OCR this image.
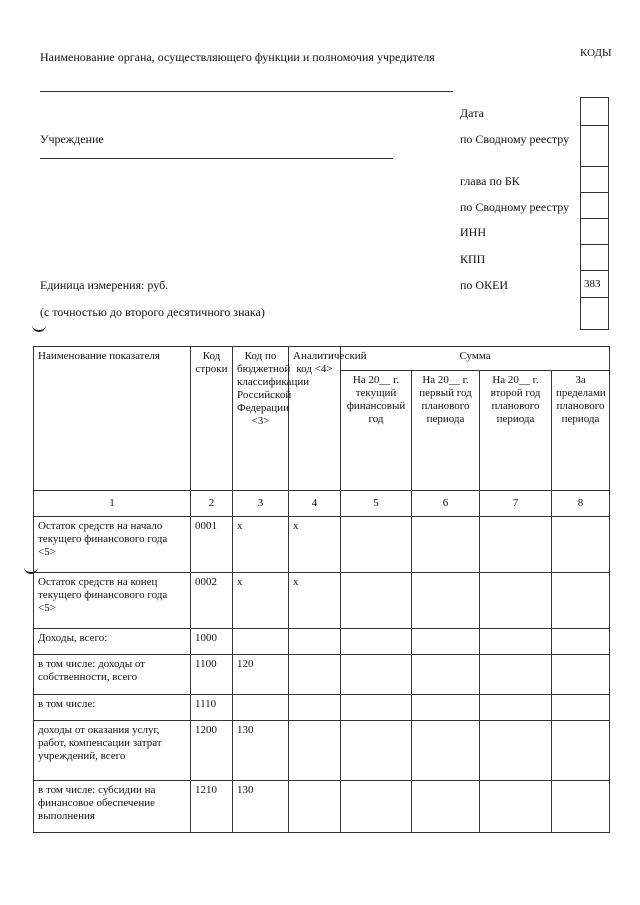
КОДЫ
Наименование органа, осуществляющего функции и полномочия учредителя
Учреждение
Единица измерения: руб.
(с точностью до второго десятичного знака)
Дата
по Сводному реестру
глава по БК
по Сводному реестру
ИНН
КПП
по ОКЕИ	383
Наименование показателя	Код строки	Код по бюджетной классификации Российской Федерации <3>	Аналитический код <4>	Сумма			
				На 20__ г. текущий финансовый год	На 20__ г. первый год планового периода	На 20__ г. второй год планового периода	За пределами планового периода
1	2	3	4	5	6	7	8
Остаток средств на начало текущего финансового года <5>	0001	x	x				
Остаток средств на конец текущего финансового года <5>	0002	x	x				
Доходы, всего:	1000						
в том числе: доходы от собственности, всего	1100	120					
в том числе:	1110						
доходы от оказания услуг, работ, компенсации затрат учреждений, всего	1200	130					
в том числе: субсидии на финансовое обеспечение выполнения	1210	130					
